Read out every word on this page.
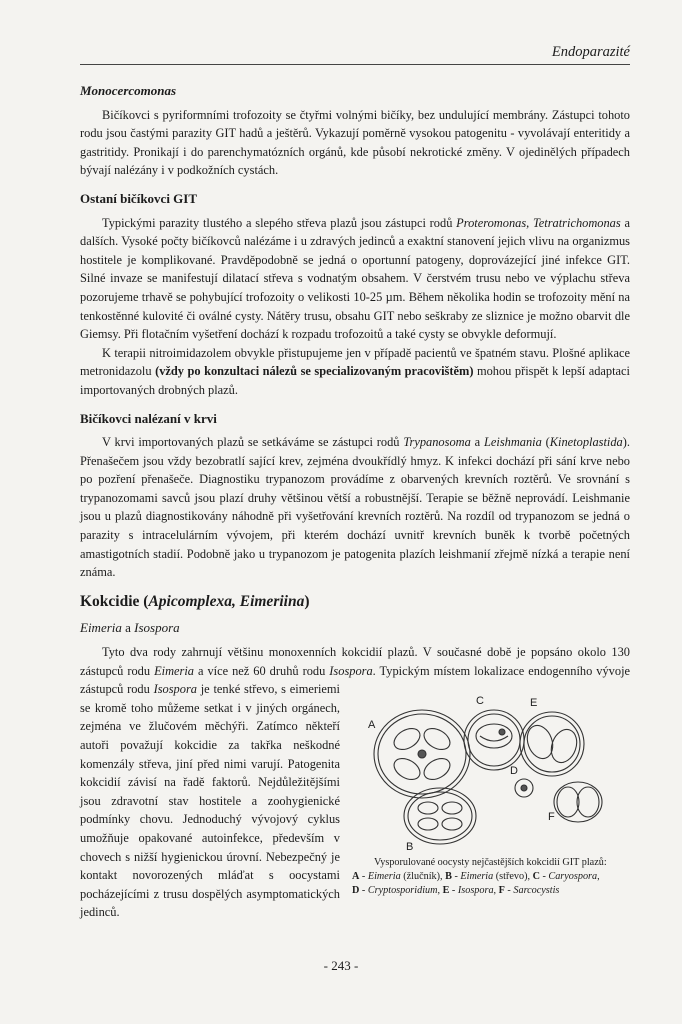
Endoparazité
Monocercomonas

Bičíkovci s pyriformními trofozoity se čtyřmi volnými bičíky, bez undulující membrány. Zástupci tohoto rodu jsou častými parazity GIT hadů a ještěrů. Vykazují poměrně vysokou patogenitu - vyvolávají enteritidy a gastritidy. Pronikají i do parenchymatózních orgánů, kde působí nekrotické změny. V ojedinělých případech bývají nalézány i v podkožních cystách.

Ostaní bičíkovci GIT

Typickými parazity tlustého a slepého střeva plazů jsou zástupci rodů Proteromonas, Tetratrichomonas a dalších. Vysoké počty bičíkovců nalézáme i u zdravých jedinců a exaktní stanovení jejich vlivu na organizmus hostitele je komplikované. Pravděpodobně se jedná o oportunní patogeny, doprovázející jiné infekce GIT. Silné invaze se manifestují dilatací střeva s vodnatým obsahem. V čerstvém trusu nebo ve výplachu střeva pozorujeme trhavě se pohybující trofozoity o velikosti 10-25 µm. Během několika hodin se trofozoity mění na tenkostěnné kulovité či oválné cysty. Nátěry trusu, obsahu GIT nebo seškraby ze sliznice je možno obarvit dle Giemsy. Při flotačním vyšetření dochází k rozpadu trofozoitů a také cysty se obvykle deformují.

K terapii nitroimidazolem obvykle přistupujeme jen v případě pacientů ve špatném stavu. Plošné aplikace metronidazolu (vždy po konzultaci nálezů se specializovaným pracovištěm) mohou přispět k lepší adaptaci importovaných drobných plazů.

Bičíkovci nalézaní v krvi

V krvi importovaných plazů se setkáváme se zástupci rodů Trypanosoma a Leishmania (Kinetoplastida). Přenašečem jsou vždy bezobratlí sající krev, zejména dvoukřídlý hmyz. K infekci dochází při sání krve nebo po pozření přenašeče. Diagnostiku trypanozom provádíme z obarvených krevních roztěrů. Ve srovnání s trypanozomami savců jsou plazí druhy většinou větší a robustnější. Terapie se běžně neprovádí. Leishmanie jsou u plazů diagnostikovány náhodně při vyšetřování krevních roztěrů. Na rozdíl od trypanozom se jedná o parazity s intracelulárním vývojem, při kterém dochází uvnitř krevních buněk k tvorbě početných amastigotních stadií. Podobně jako u trypanozom je patogenita plazích leishmanií zřejmě nízká a terapie není známa.

Kokcidie (Apicomplexa, Eimeriina)
Eimeria a Isospora
Tyto dva rody zahrnují většinu monoxenních kokcidií plazů. V současné době je popsáno okolo 130 zástupců rodu Eimeria a více než 60 druhů rodu Isospora. Typickým místem lokalizace endogenního vývoje zástupců rodu Isospora
A
B
C
D
E
F
Vysporulované oocysty nejčastějších kokcidií GIT plazů:
A - Eimeria (žlučník), B - Eimeria (střevo), C - Caryospora,
D - Cryptosporidium, E - Isospora, F - Sarcocystis
je tenké střevo, s eimeriemi se kromě toho můžeme setkat i v jiných orgánech, zejména ve žlučovém měchýři. Zatímco někteří autoři považují kokcidie za takřka neškodné komenzály střeva, jiní před nimi varují. Patogenita kokcidií závisí na řadě faktorů. Nejdůležitějšími jsou zdravotní stav hostitele a zoohygienické podmínky chovu. Jednoduchý vývojový cyklus umožňuje opakované autoinfekce, především v chovech s nižší hygienickou úrovní. Nebezpečný je kontakt novorozených mláďat s oocystami pocházejícími z trusu dospělých asymptomatických jedinců.
- 243 -
